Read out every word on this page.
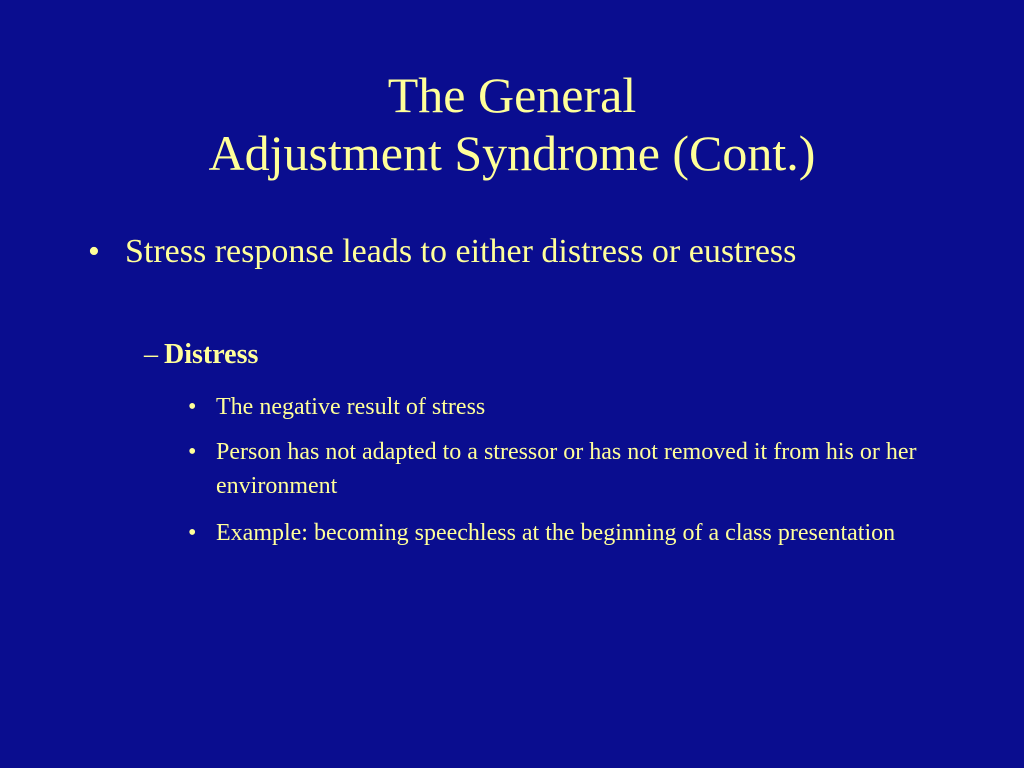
The General
Adjustment Syndrome (Cont.)
• Stress response leads to either distress or eustress
– Distress
• The negative result of stress
• Person has not adapted to a stressor or has not removed it from his or her environment
• Example: becoming speechless at the beginning of a class presentation
